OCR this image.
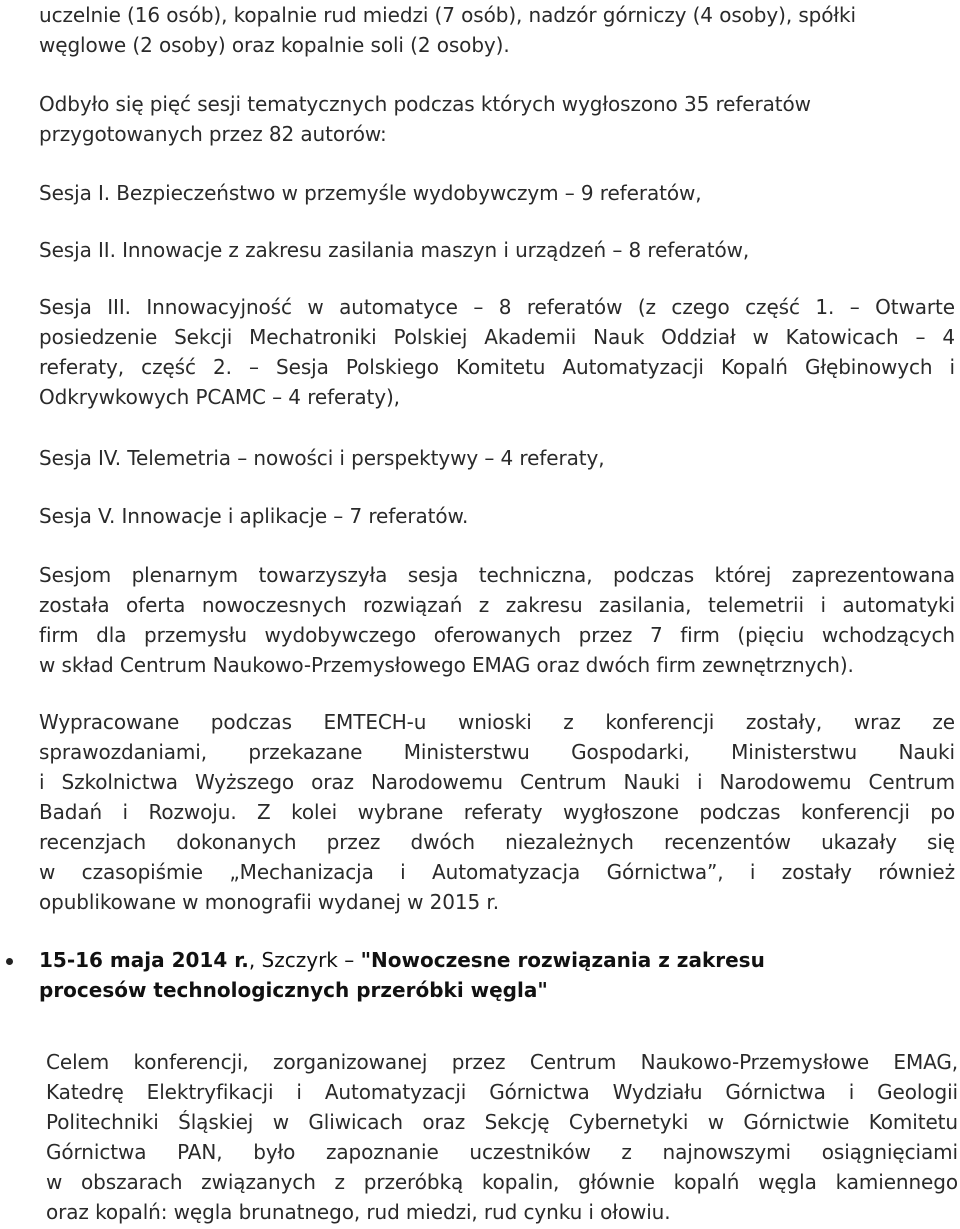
uczelnie (16 osób), kopalnie rud miedzi (7 osób), nadzór górniczy (4 osoby), spółki
węglowe (2 osoby) oraz kopalnie soli (2 osoby).

Odbyło się pięć sesji tematycznych podczas których wygłoszono 35 referatów
przygotowanych przez 82 autorów:

Sesja I. Bezpieczeństwo w przemyśle wydobywczym – 9 referatów,

Sesja II. Innowacje z zakresu zasilania maszyn i urządzeń – 8 referatów,

Sesja III. Innowacyjność w automatyce – 8 referatów (z czego część 1. – Otwarte
posiedzenie Sekcji Mechatroniki Polskiej Akademii Nauk Oddział w Katowicach – 4
referaty, część 2. – Sesja Polskiego Komitetu Automatyzacji Kopalń Głębinowych i
Odkrywkowych PCAMC – 4 referaty),

Sesja IV. Telemetria – nowości i perspektywy – 4 referaty,

Sesja V. Innowacje i aplikacje – 7 referatów.

Sesjom plenarnym towarzyszyła sesja techniczna, podczas której zaprezentowana
została oferta nowoczesnych rozwiązań z zakresu zasilania, telemetrii i automatyki
firm dla przemysłu wydobywczego oferowanych przez 7 firm (pięciu wchodzących
w skład Centrum Naukowo-Przemysłowego EMAG oraz dwóch firm zewnętrznych).

Wypracowane podczas EMTECH-u wnioski z konferencji zostały, wraz ze
sprawozdaniami, przekazane Ministerstwu Gospodarki, Ministerstwu Nauki
i Szkolnictwa Wyższego oraz Narodowemu Centrum Nauki i Narodowemu Centrum
Badań i Rozwoju. Z kolei wybrane referaty wygłoszone podczas konferencji po
recenzjach dokonanych przez dwóch niezależnych recenzentów ukazały się
w czasopiśmie „Mechanizacja i Automatyzacja Górnictwa”, i zostały również
opublikowane w monografii wydanej w 2015 r.

15-16 maja 2014 r., Szczyrk – "Nowoczesne rozwiązania z zakresu
procesów technologicznych przeróbki węgla"

Celem konferencji, zorganizowanej przez Centrum Naukowo-Przemysłowe EMAG,
Katedrę Elektryfikacji i Automatyzacji Górnictwa Wydziału Górnictwa i Geologii
Politechniki Śląskiej w Gliwicach oraz Sekcję Cybernetyki w Górnictwie Komitetu
Górnictwa PAN, było zapoznanie uczestników z najnowszymi osiągnięciami
w obszarach związanych z przeróbką kopalin, głównie kopalń węgla kamiennego
oraz kopalń: węgla brunatnego, rud miedzi, rud cynku i ołowiu.
